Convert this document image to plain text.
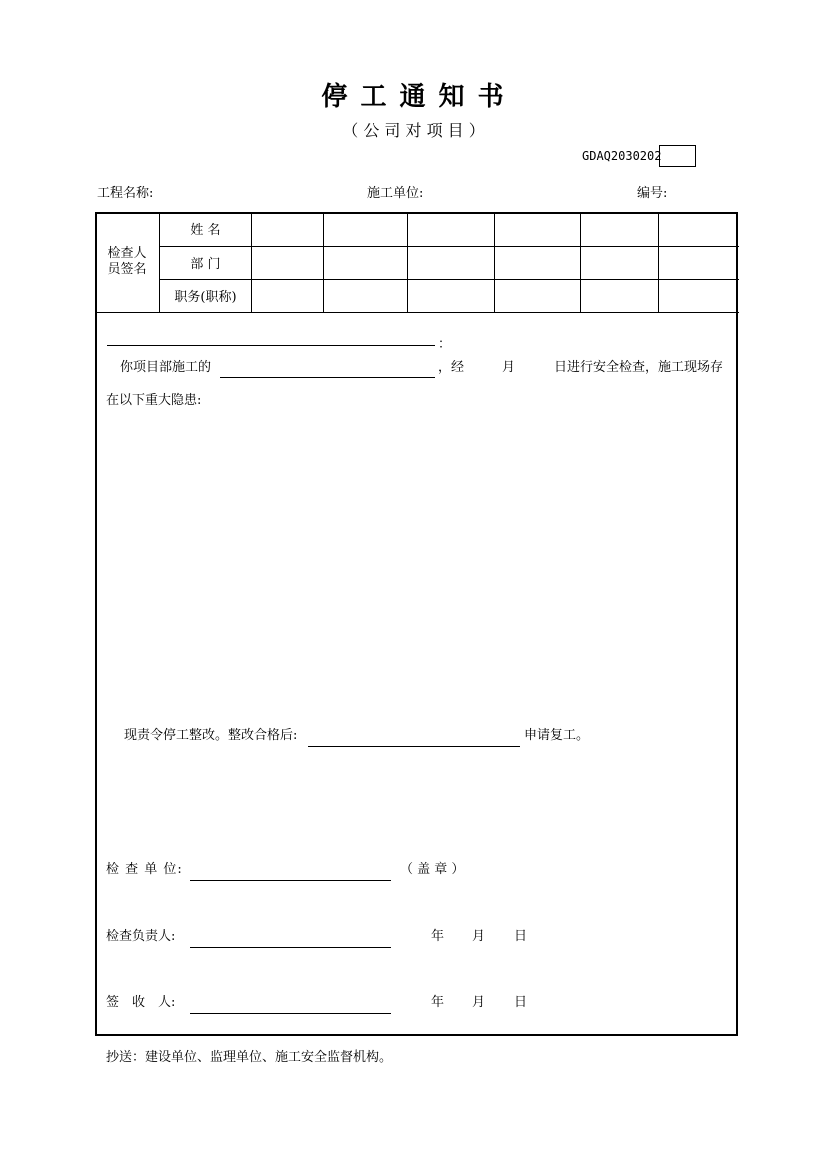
停 工 通 知 书
（ 公 司 对 项 目 ）
GDAQ2030202
工程名称:	施工单位:	编号:
检查人员签名	姓 名						
	部 门						
	职务(职称)						
：
你项目部施工的	，经	月	日进行安全检查，施工现场存
在以下重大隐患:
现责令停工整改。整改合格后:	申请复工。
检 查 单 位:	（ 盖 章 ）
检查负责人:	年 月 日
签　收　人:	年 月 日
抄送：建设单位、监理单位、施工安全监督机构。
